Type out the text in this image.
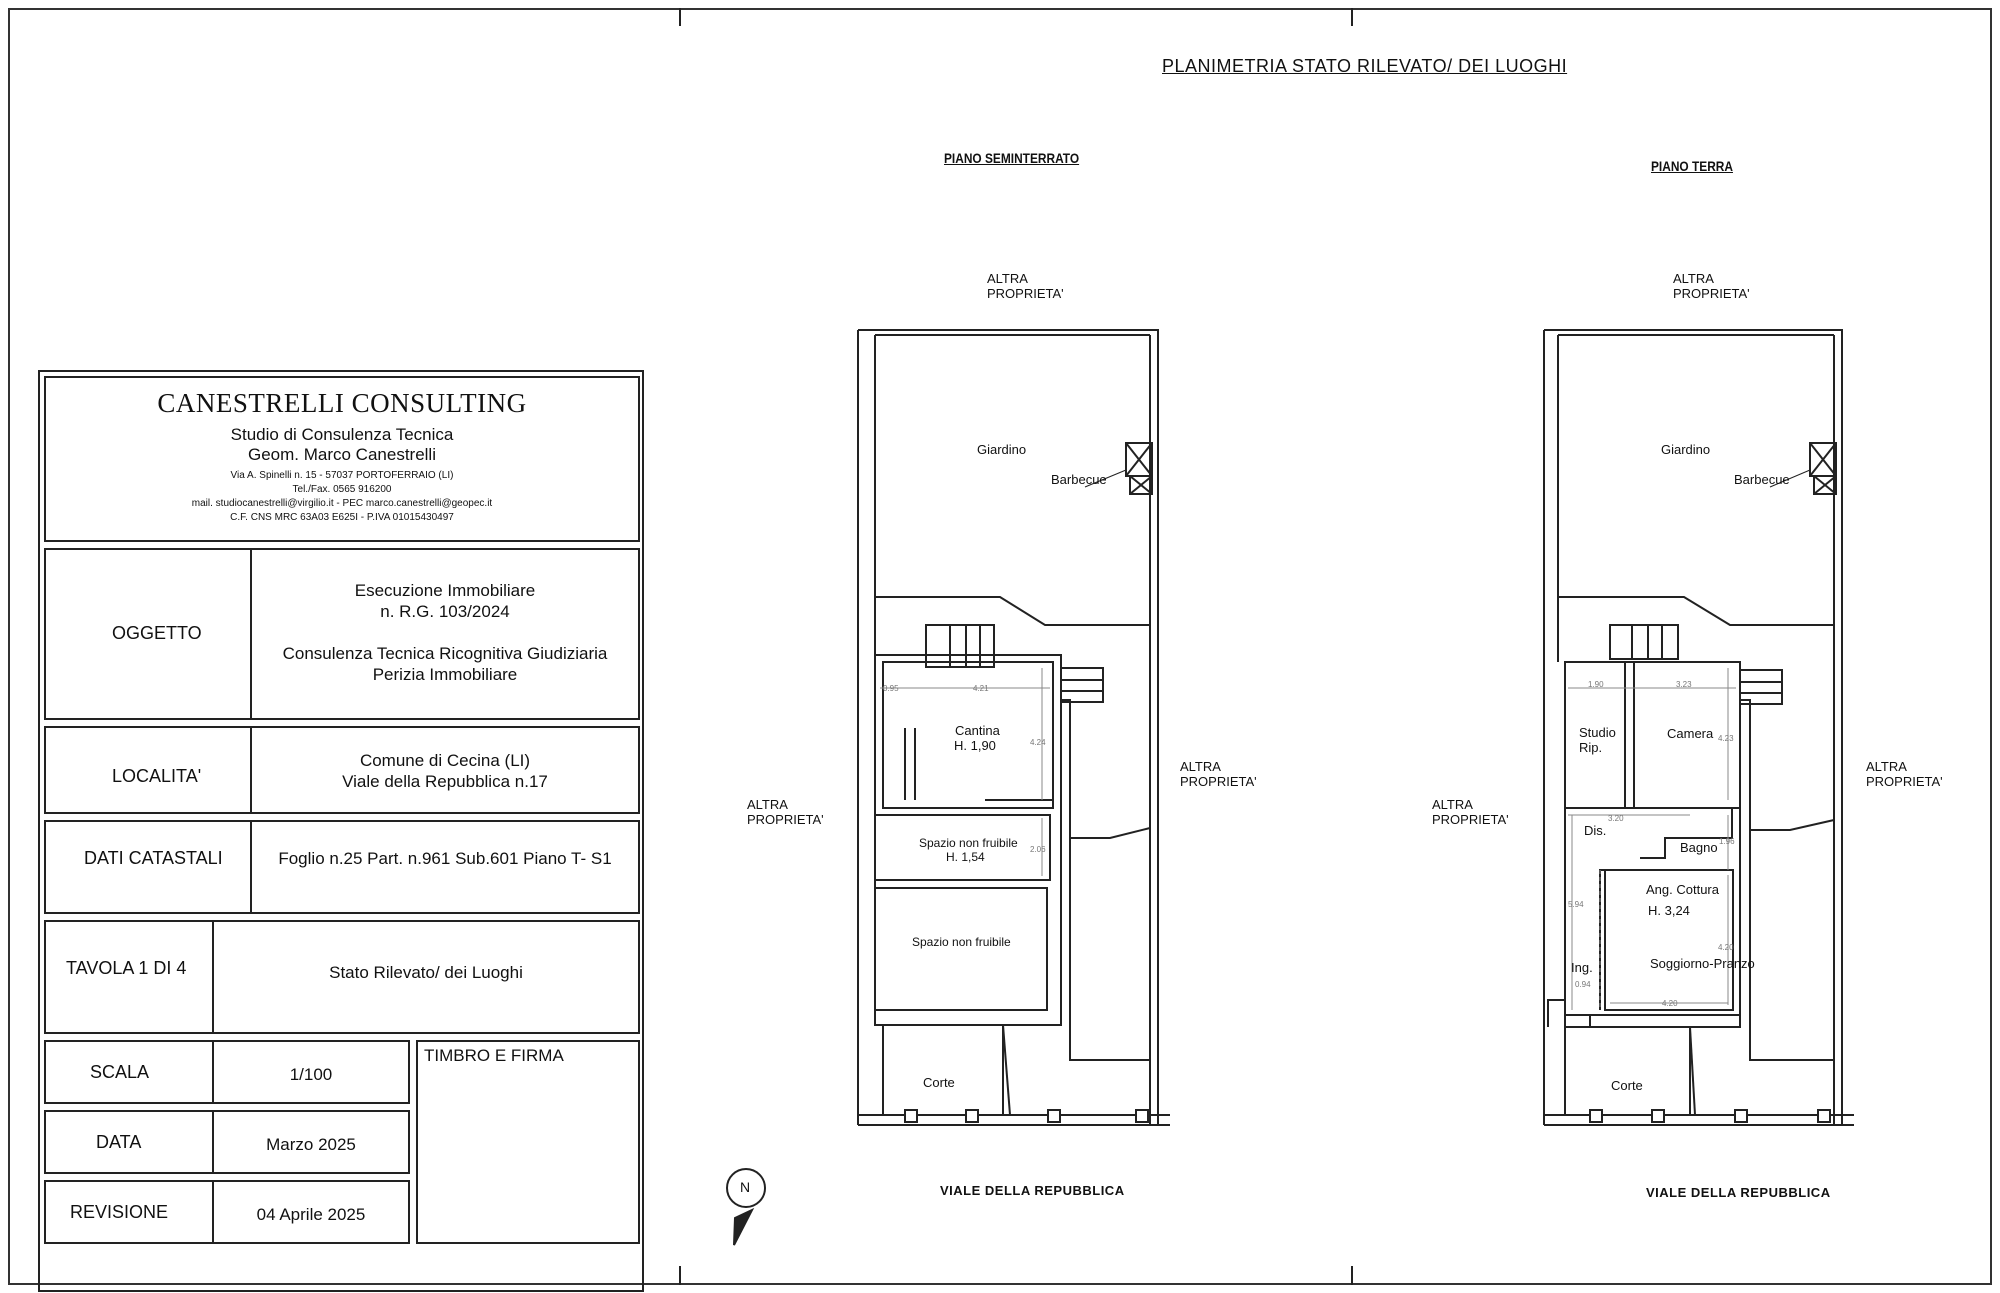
PLANIMETRIA STATO RILEVATO/ DEI LUOGHI
PIANO SEMINTERRATO
ALTRA
PROPRIETA'
ALTRA
PROPRIETA'
ALTRA
PROPRIETA'
Giardino
Barbecue
Cantina
H. 1,90
Spazio non fruibile
H. 1,54
Spazio non fruibile
Corte
0.95	4.21
4.24
2.06
VIALE DELLA REPUBBLICA
PIANO TERRA
ALTRA
PROPRIETA'
ALTRA
PROPRIETA'
ALTRA
PROPRIETA'
Giardino
Barbecue
Studio
Rip.
Camera
Dis.
Bagno
Ang. Cottura
H. 3,24
Soggiorno-Pranzo
Ing.
Corte
1.90	3.23
4.23
3.20
1.96
5.94
4.20
0.94
4.20
VIALE DELLA REPUBBLICA
N
CANESTRELLI CONSULTING
Studio di Consulenza Tecnica
Geom. Marco Canestrelli
Via A. Spinelli n. 15 - 57037 PORTOFERRAIO (LI)
Tel./Fax. 0565 916200
mail. studiocanestrelli@virgilio.it - PEC marco.canestrelli@geopec.it
C.F. CNS MRC 63A03 E625I - P.IVA 01015430497
OGGETTO
Esecuzione Immobiliare
n. R.G. 103/2024
Consulenza Tecnica Ricognitiva Giudiziaria
Perizia Immobiliare
LOCALITA'
Comune di Cecina (LI)
Viale della Repubblica n.17
DATI CATASTALI	Foglio n.25 Part. n.961 Sub.601 Piano T- S1
TAVOLA 1 DI 4	Stato Rilevato/ dei Luoghi
SCALA	1/100
DATA	Marzo 2025
REVISIONE	04 Aprile 2025
TIMBRO E FIRMA
